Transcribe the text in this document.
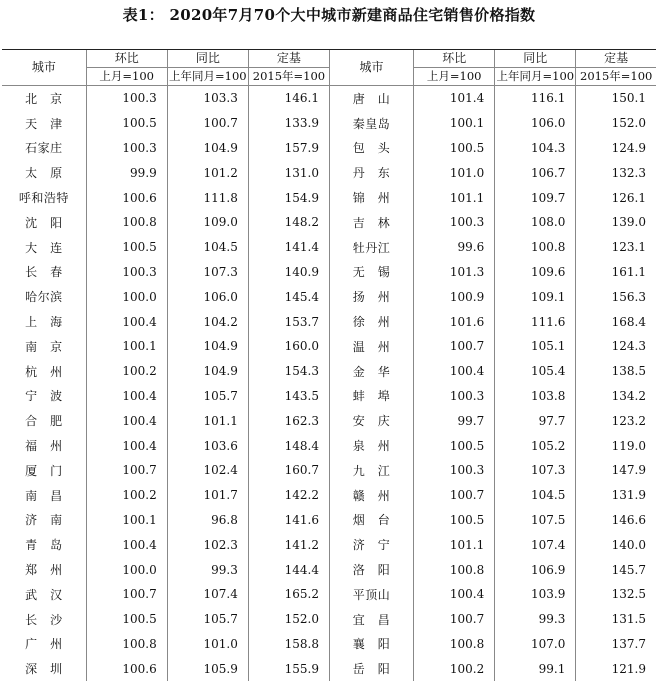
表1： 2020年7月70个大中城市新建商品住宅销售价格指数
城市	环比	同比	定基	城市	环比	同比	定基
	上月=100	上年同月=100	2015年=100		上月=100	上年同月=100	2015年=100
北　京	100.3	103.3	146.1	唐　山	101.4	116.1	150.1
天　津	100.5	100.7	133.9	秦皇岛	100.1	106.0	152.0
石家庄	100.3	104.9	157.9	包　头	100.5	104.3	124.9
太　原	99.9	101.2	131.0	丹　东	101.0	106.7	132.3
呼和浩特	100.6	111.8	154.9	锦　州	101.1	109.7	126.1
沈　阳	100.8	109.0	148.2	吉　林	100.3	108.0	139.0
大　连	100.5	104.5	141.4	牡丹江	99.6	100.8	123.1
长　春	100.3	107.3	140.9	无　锡	101.3	109.6	161.1
哈尔滨	100.0	106.0	145.4	扬　州	100.9	109.1	156.3
上　海	100.4	104.2	153.7	徐　州	101.6	111.6	168.4
南　京	100.1	104.9	160.0	温　州	100.7	105.1	124.3
杭　州	100.2	104.9	154.3	金　华	100.4	105.4	138.5
宁　波	100.4	105.7	143.5	蚌　埠	100.3	103.8	134.2
合　肥	100.4	101.1	162.3	安　庆	99.7	97.7	123.2
福　州	100.4	103.6	148.4	泉　州	100.5	105.2	119.0
厦　门	100.7	102.4	160.7	九　江	100.3	107.3	147.9
南　昌	100.2	101.7	142.2	赣　州	100.7	104.5	131.9
济　南	100.1	96.8	141.6	烟　台	100.5	107.5	146.6
青　岛	100.4	102.3	141.2	济　宁	101.1	107.4	140.0
郑　州	100.0	99.3	144.4	洛　阳	100.8	106.9	145.7
武　汉	100.7	107.4	165.2	平顶山	100.4	103.9	132.5
长　沙	100.5	105.7	152.0	宜　昌	100.7	99.3	131.5
广　州	100.8	101.0	158.8	襄　阳	100.8	107.0	137.7
深　圳	100.6	105.9	155.9	岳　阳	100.2	99.1	121.9
